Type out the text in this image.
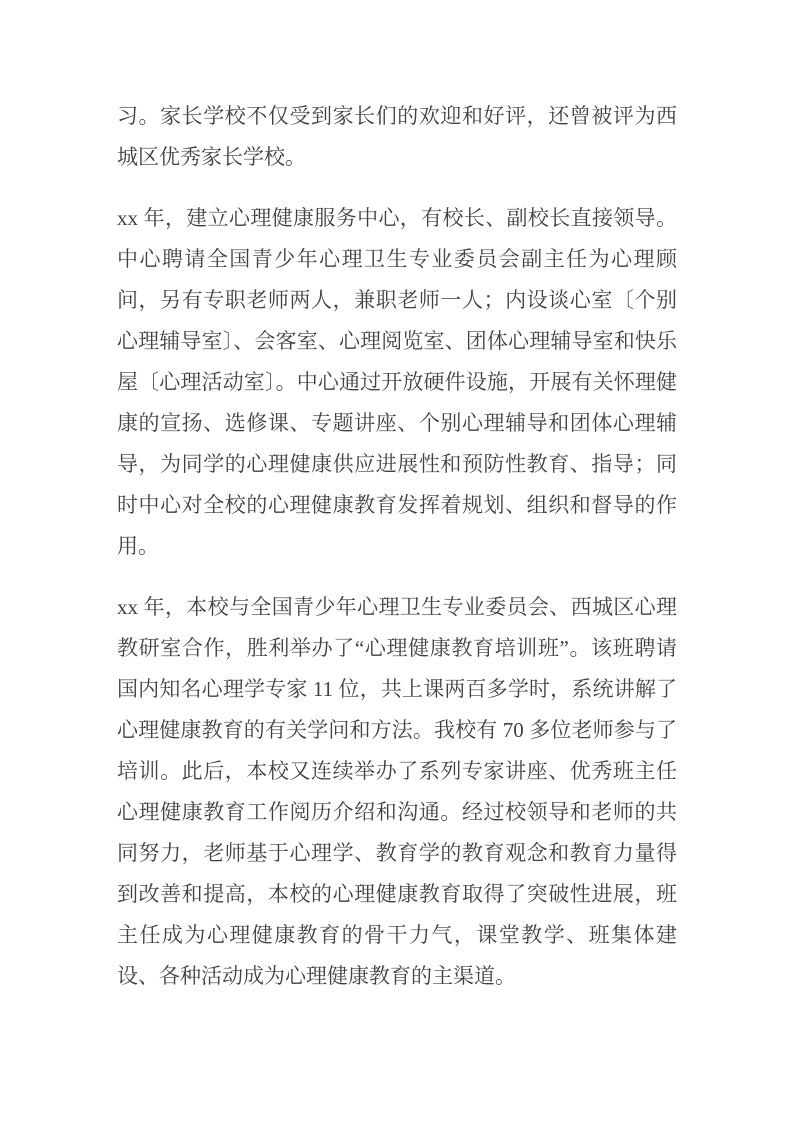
习。家长学校不仅受到家长们的欢迎和好评，还曾被评为西城区优秀家长学校。

xx 年，建立心理健康服务中心，有校长、副校长直接领导。中心聘请全国青少年心理卫生专业委员会副主任为心理顾问，另有专职老师两人，兼职老师一人；内设谈心室〔个别心理辅导室〕、会客室、心理阅览室、团体心理辅导室和快乐屋〔心理活动室〕。中心通过开放硬件设施，开展有关怀理健康的宣扬、选修课、专题讲座、个别心理辅导和团体心理辅导，为同学的心理健康供应进展性和预防性教育、指导；同时中心对全校的心理健康教育发挥着规划、组织和督导的作用。

xx 年，本校与全国青少年心理卫生专业委员会、西城区心理教研室合作，胜利举办了“心理健康教育培训班”。该班聘请国内知名心理学专家 11 位，共上课两百多学时，系统讲解了心理健康教育的有关学问和方法。我校有 70 多位老师参与了培训。此后，本校又连续举办了系列专家讲座、优秀班主任心理健康教育工作阅历介绍和沟通。经过校领导和老师的共同努力，老师基于心理学、教育学的教育观念和教育力量得到改善和提高，本校的心理健康教育取得了突破性进展，班主任成为心理健康教育的骨干力气，课堂教学、班集体建设、各种活动成为心理健康教育的主渠道。
